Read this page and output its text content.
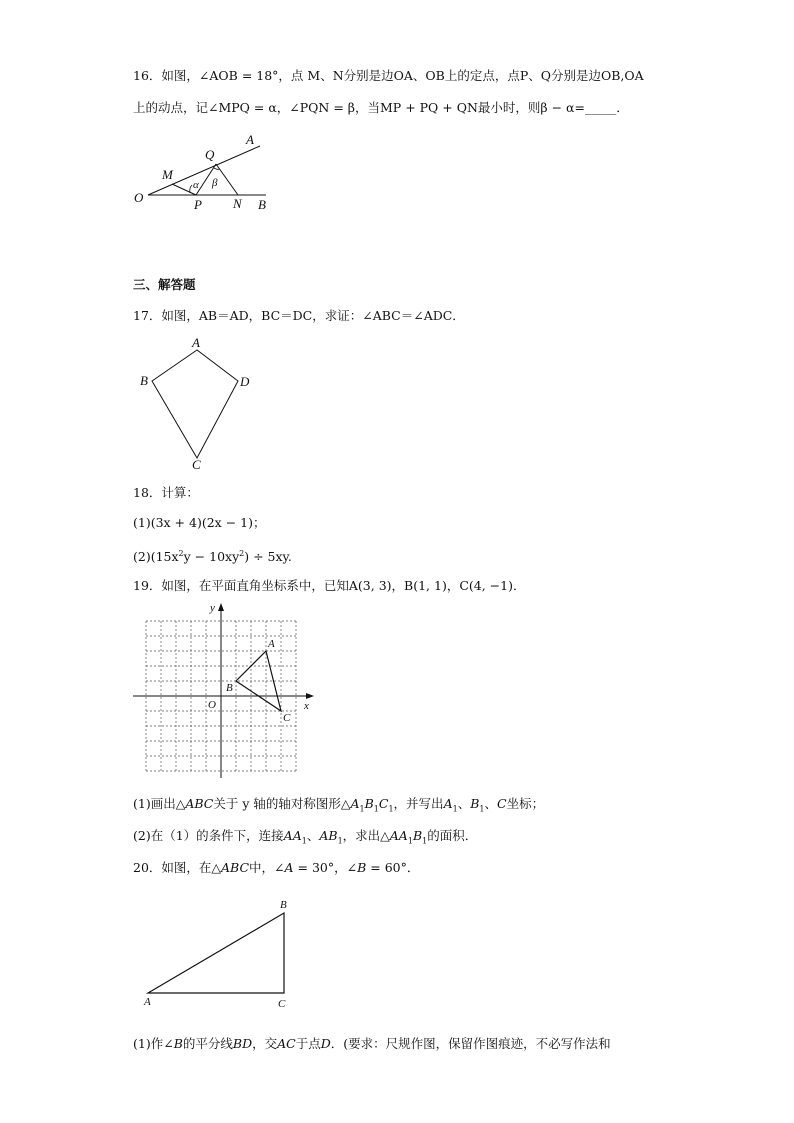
16．如图，∠AOB = 18°，点 M、N分别是边OA、OB上的定点，点P、Q分别是边OB,OA
上的动点，记∠MPQ = α，∠PQN = β，当MP + PQ + QN最小时，则β − α=_____．
O
A
B
M
Q
P N
α β
三、解答题
17．如图，AB＝AD，BC＝DC，求证：∠ABC＝∠ADC．
A
B	D
C
18．计算：
(1)(3x + 4)(2x − 1)；
$(2)(15x^2y - 10xy^2) \div 5xy$.
19．如图，在平面直角坐标系中，已知A(3, 3)，B(1, 1)，C(4, −1)．
x
y
O
A
B
C
(1)画出△ABC关于 y 轴的轴对称图形$\triangle A_1B_1C_1$，并写出$A_1$、$B_1$、C坐标；
(2)在（1）的条件下，连接$AA_1$、$AB_1$，求出$\triangle AA_1B_1$的面积．
20．如图，在△ABC中，∠A = 30°，∠B = 60°．
B
A	C
(1)作∠B的平分线BD，交AC于点D．(要求：尺规作图，保留作图痕迹，不必写作法和
